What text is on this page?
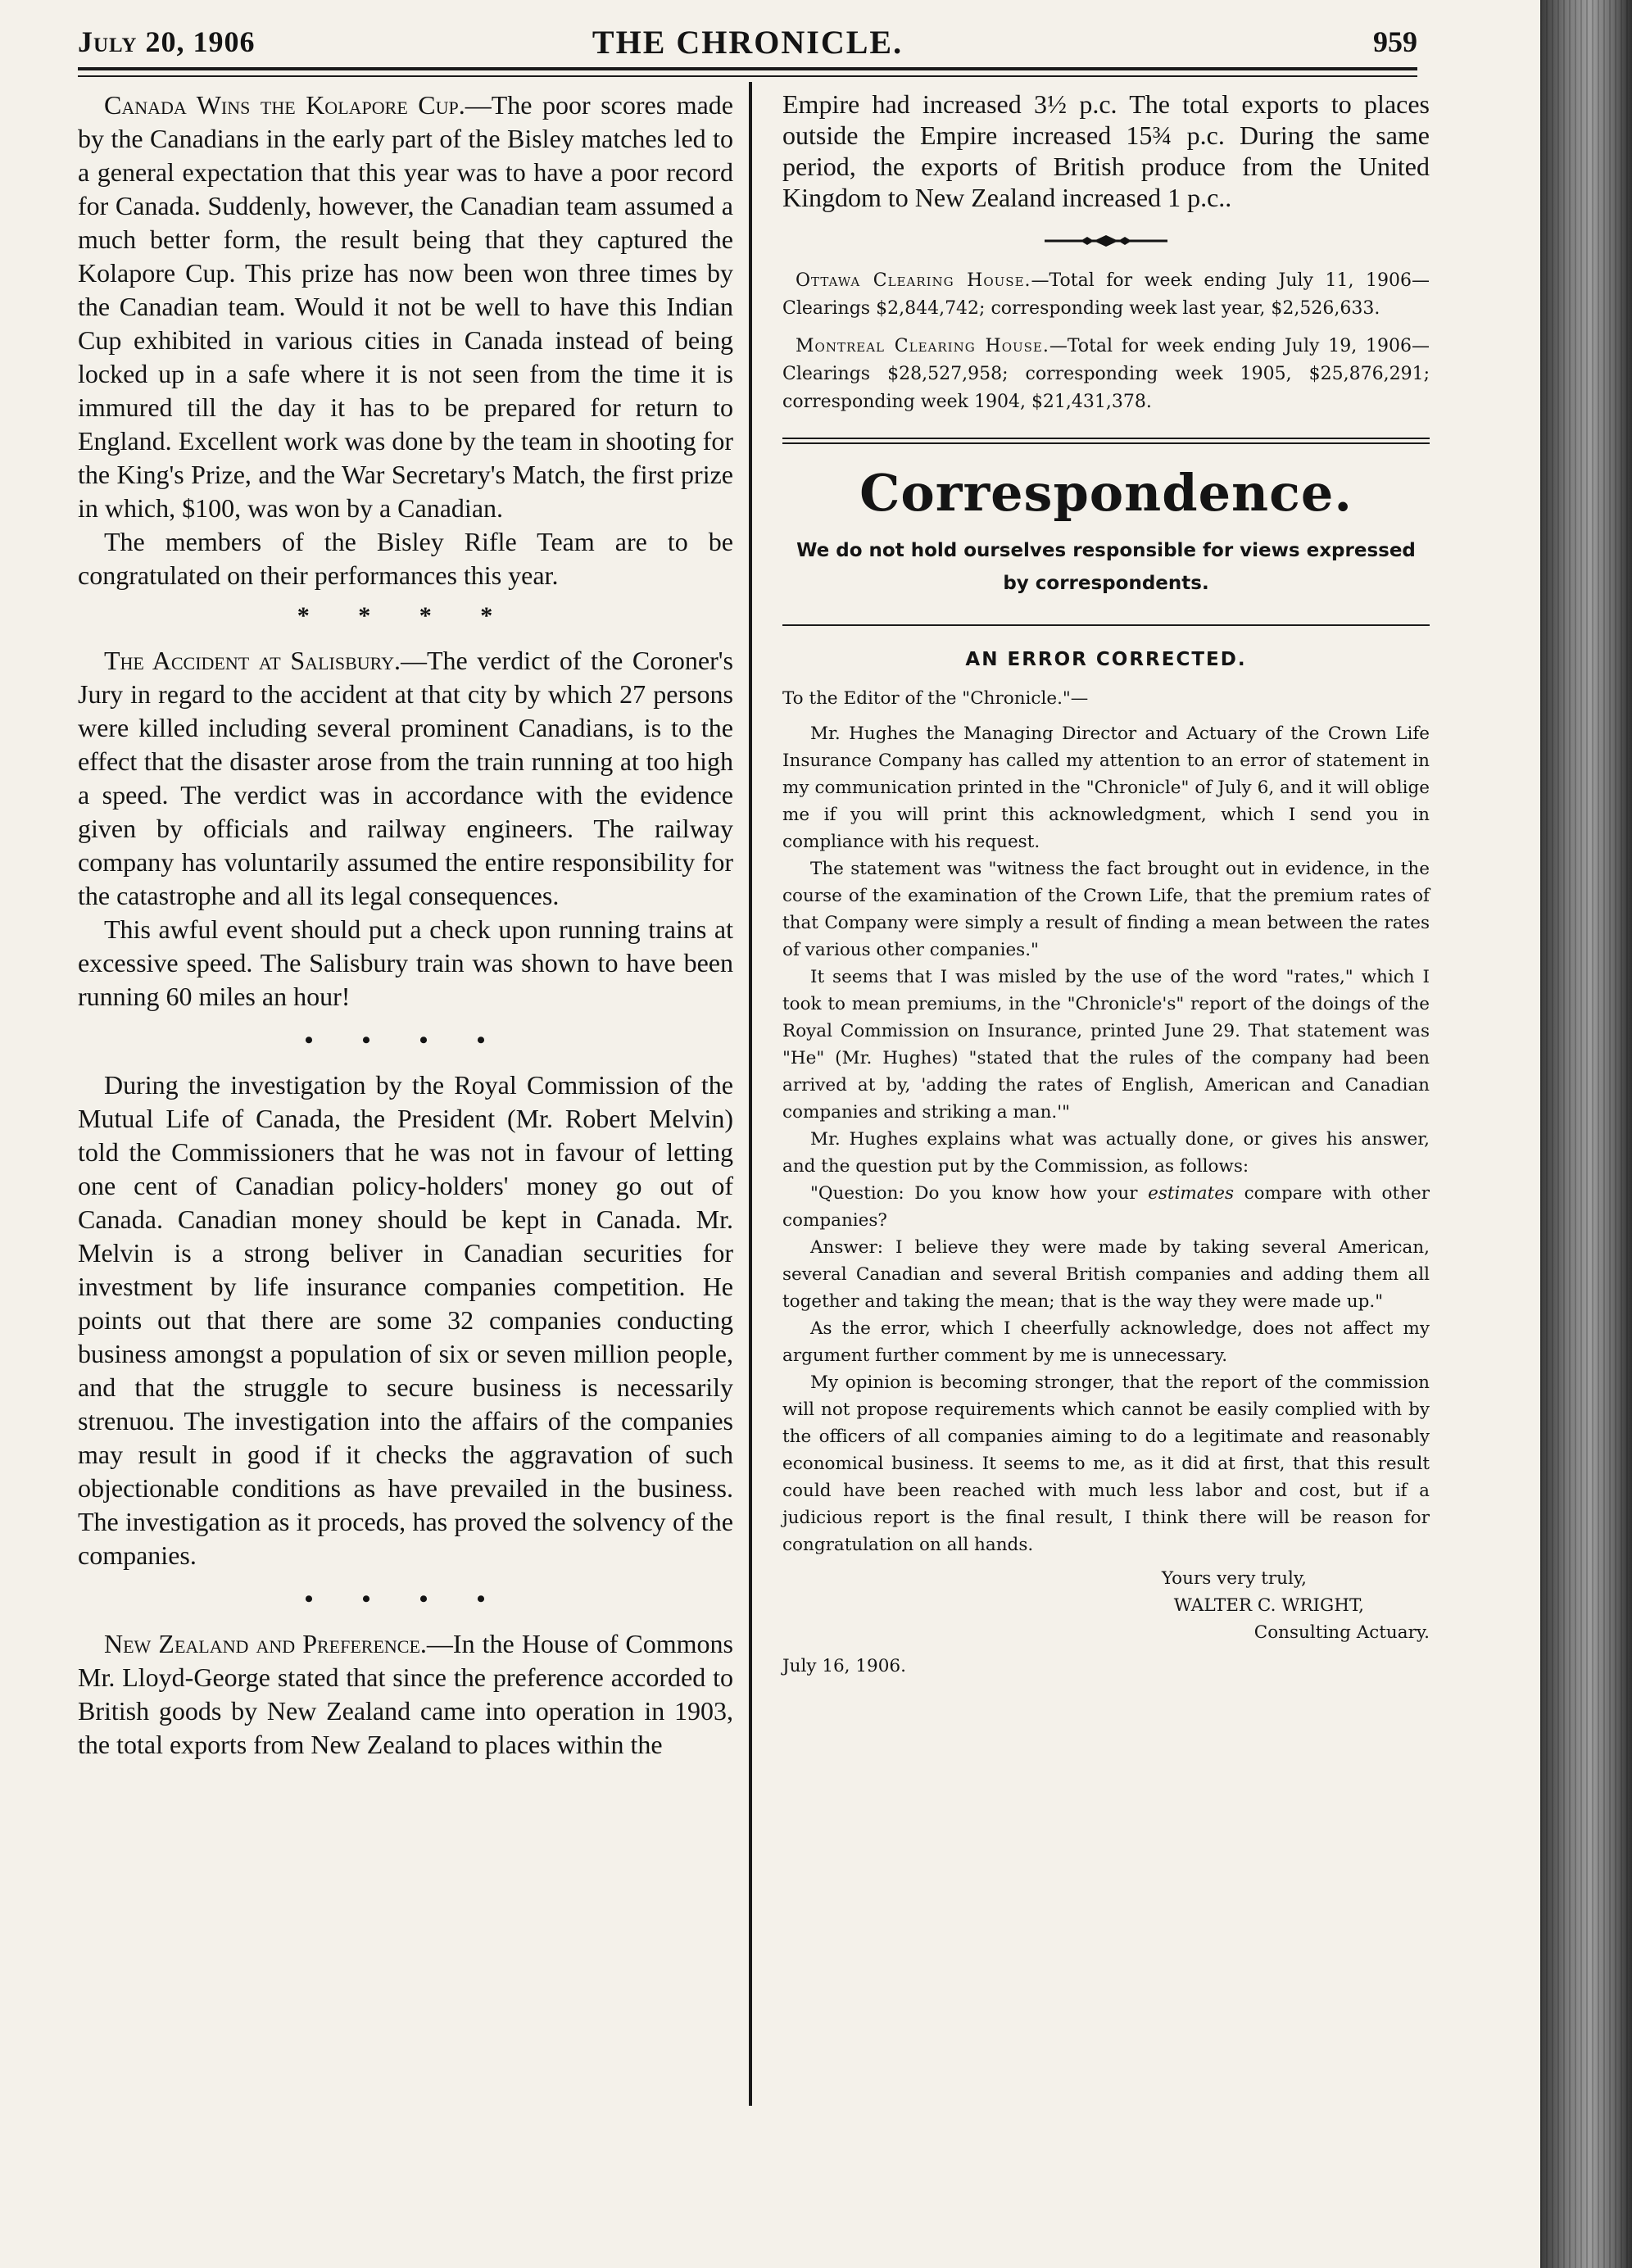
July 20, 1906	THE CHRONICLE.	959

Canada Wins the Kolapore Cup.—The poor scores made by the Canadians in the early part of the Bisley matches led to a general expectation that this year was to have a poor record for Canada. Suddenly, however, the Canadian team assumed a much better form, the result being that they captured the Kolapore Cup. This prize has now been won three times by the Canadian team. Would it not be well to have this Indian Cup exhibited in various cities in Canada instead of being locked up in a safe where it is not seen from the time it is immured till the day it has to be prepared for return to England. Excellent work was done by the team in shooting for the King's Prize, and the War Secretary's Match, the first prize in which, $100, was won by a Canadian.

The members of the Bisley Rifle Team are to be congratulated on their performances this year.

* * * *

The Accident at Salisbury.—The verdict of the Coroner's Jury in regard to the accident at that city by which 27 persons were killed including several prominent Canadians, is to the effect that the disaster arose from the train running at too high a speed. The verdict was in accordance with the evidence given by officials and railway engineers. The railway company has voluntarily assumed the entire responsibility for the catastrophe and all its legal consequences.

This awful event should put a check upon running trains at excessive speed. The Salisbury train was shown to have been running 60 miles an hour!

• • • •

During the investigation by the Royal Commission of the Mutual Life of Canada, the President (Mr. Robert Melvin) told the Commissioners that he was not in favour of letting one cent of Canadian policy-holders' money go out of Canada. Canadian money should be kept in Canada. Mr. Melvin is a strong beliver in Canadian securities for investment by life insurance companies competition. He points out that there are some 32 companies conducting business amongst a population of six or seven million people, and that the struggle to secure business is necessarily strenuou. The investigation into the affairs of the companies may result in good if it checks the aggravation of such objectionable conditions as have prevailed in the business. The investigation as it proceds, has proved the solvency of the companies.

• • • •

New Zealand and Preference.—In the House of Commons Mr. Lloyd-George stated that since the preference accorded to British goods by New Zealand came into operation in 1903, the total exports from New Zealand to places within the

Empire had increased 3½ p.c. The total exports to places outside the Empire increased 15¾ p.c. During the same period, the exports of British produce from the United Kingdom to New Zealand increased 1 p.c..

Ottawa Clearing House.—Total for week ending July 11, 1906—Clearings $2,844,742; corresponding week last year, $2,526,633.

Montreal Clearing House.—Total for week ending July 19, 1906—Clearings $28,527,958; corresponding week 1905, $25,876,291; corresponding week 1904, $21,431,378.

Correspondence.

We do not hold ourselves responsible for views expressed by correspondents.

AN ERROR CORRECTED.

To the Editor of the "Chronicle."—

Mr. Hughes the Managing Director and Actuary of the Crown Life Insurance Company has called my attention to an error of statement in my communication printed in the "Chronicle" of July 6, and it will oblige me if you will print this acknowledgment, which I send you in compliance with his request.

The statement was "witness the fact brought out in evidence, in the course of the examination of the Crown Life, that the premium rates of that Company were simply a result of finding a mean between the rates of various other companies."

It seems that I was misled by the use of the word "rates," which I took to mean premiums, in the "Chronicle's" report of the doings of the Royal Commission on Insurance, printed June 29. That statement was "He" (Mr. Hughes) "stated that the rules of the company had been arrived at by, 'adding the rates of English, American and Canadian companies and striking a man.'"

Mr. Hughes explains what was actually done, or gives his answer, and the question put by the Commission, as follows:

"Question: Do you know how your estimates compare with other companies?

Answer: I believe they were made by taking several American, several Canadian and several British companies and adding them all together and taking the mean; that is the way they were made up."

As the error, which I cheerfully acknowledge, does not affect my argument further comment by me is unnecessary.

My opinion is becoming stronger, that the report of the commission will not propose requirements which cannot be easily complied with by the officers of all companies aiming to do a legitimate and reasonably economical business. It seems to me, as it did at first, that this result could have been reached with much less labor and cost, but if a judicious report is the final result, I think there will be reason for congratulation on all hands.

Yours very truly,

WALTER C. WRIGHT,

Consulting Actuary.

July 16, 1906.
